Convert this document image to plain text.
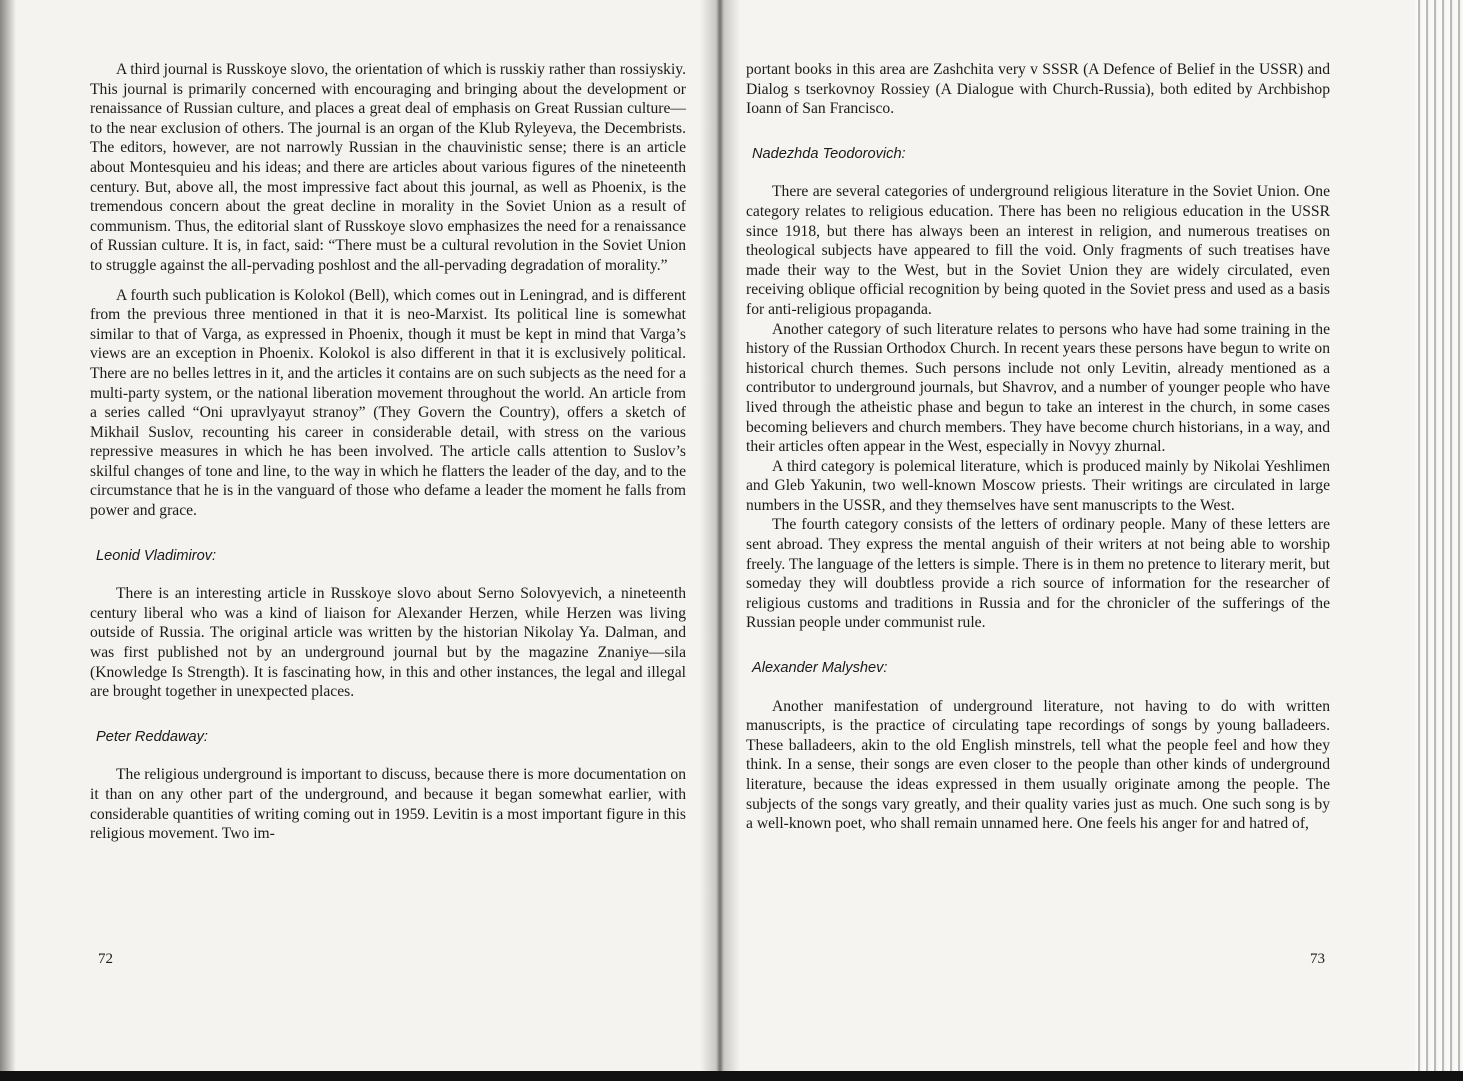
A third journal is Russkoye slovo, the orientation of which is russkiy rather than rossiyskiy. This journal is primarily concerned with encouraging and bringing about the development or renaissance of Russian culture, and places a great deal of emphasis on Great Russian culture—to the near exclusion of others. The journal is an organ of the Klub Ryleyeva, the Decembrists. The editors, however, are not narrowly Russian in the chauvinistic sense; there is an article about Montesquieu and his ideas; and there are articles about various figures of the nineteenth century. But, above all, the most impressive fact about this journal, as well as Phoenix, is the tremendous concern about the great decline in morality in the Soviet Union as a result of communism. Thus, the editorial slant of Russkoye slovo emphasizes the need for a renaissance of Russian culture. It is, in fact, said: “There must be a cultural revolution in the Soviet Union to struggle against the all-pervading poshlost and the all-pervading degradation of morality.”

A fourth such publication is Kolokol (Bell), which comes out in Leningrad, and is different from the previous three mentioned in that it is neo-Marxist. Its political line is somewhat similar to that of Varga, as expressed in Phoenix, though it must be kept in mind that Varga’s views are an exception in Phoenix. Kolokol is also different in that it is exclusively political. There are no belles lettres in it, and the articles it contains are on such subjects as the need for a multi-party system, or the national liberation movement throughout the world. An article from a series called “Oni upravlyayut stranoy” (They Govern the Country), offers a sketch of Mikhail Suslov, recounting his career in considerable detail, with stress on the various repressive measures in which he has been involved. The article calls attention to Suslov’s skilful changes of tone and line, to the way in which he flatters the leader of the day, and to the circumstance that he is in the vanguard of those who defame a leader the moment he falls from power and grace.

Leonid Vladimirov:

There is an interesting article in Russkoye slovo about Serno Solovyevich, a nineteenth century liberal who was a kind of liaison for Alexander Herzen, while Herzen was living outside of Russia. The original article was written by the historian Nikolay Ya. Dalman, and was first published not by an underground journal but by the magazine Znaniye—sila (Knowledge Is Strength). It is fascinating how, in this and other instances, the legal and illegal are brought together in unexpected places.

Peter Reddaway:

The religious underground is important to discuss, because there is more documentation on it than on any other part of the underground, and because it began somewhat earlier, with considerable quantities of writing coming out in 1959. Levitin is a most important figure in this religious movement. Two im-

72

portant books in this area are Zashchita very v SSSR (A Defence of Belief in the USSR) and Dialog s tserkovnoy Rossiey (A Dialogue with Church-Russia), both edited by Archbishop Ioann of San Francisco.

Nadezhda Teodorovich:

There are several categories of underground religious literature in the Soviet Union. One category relates to religious education. There has been no religious education in the USSR since 1918, but there has always been an interest in religion, and numerous treatises on theological subjects have appeared to fill the void. Only fragments of such treatises have made their way to the West, but in the Soviet Union they are widely circulated, even receiving oblique official recognition by being quoted in the Soviet press and used as a basis for anti-religious propaganda.

Another category of such literature relates to persons who have had some training in the history of the Russian Orthodox Church. In recent years these persons have begun to write on historical church themes. Such persons include not only Levitin, already mentioned as a contributor to underground journals, but Shavrov, and a number of younger people who have lived through the atheistic phase and begun to take an interest in the church, in some cases becoming believers and church members. They have become church historians, in a way, and their articles often appear in the West, especially in Novyy zhurnal.

A third category is polemical literature, which is produced mainly by Nikolai Yeshlimen and Gleb Yakunin, two well-known Moscow priests. Their writings are circulated in large numbers in the USSR, and they themselves have sent manuscripts to the West.

The fourth category consists of the letters of ordinary people. Many of these letters are sent abroad. They express the mental anguish of their writers at not being able to worship freely. The language of the letters is simple. There is in them no pretence to literary merit, but someday they will doubtless provide a rich source of information for the researcher of religious customs and traditions in Russia and for the chronicler of the sufferings of the Russian people under communist rule.

Alexander Malyshev:

Another manifestation of underground literature, not having to do with written manuscripts, is the practice of circulating tape recordings of songs by young balladeers. These balladeers, akin to the old English minstrels, tell what the people feel and how they think. In a sense, their songs are even closer to the people than other kinds of underground literature, because the ideas expressed in them usually originate among the people. The subjects of the songs vary greatly, and their quality varies just as much. One such song is by a well-known poet, who shall remain unnamed here. One feels his anger for and hatred of,

73
